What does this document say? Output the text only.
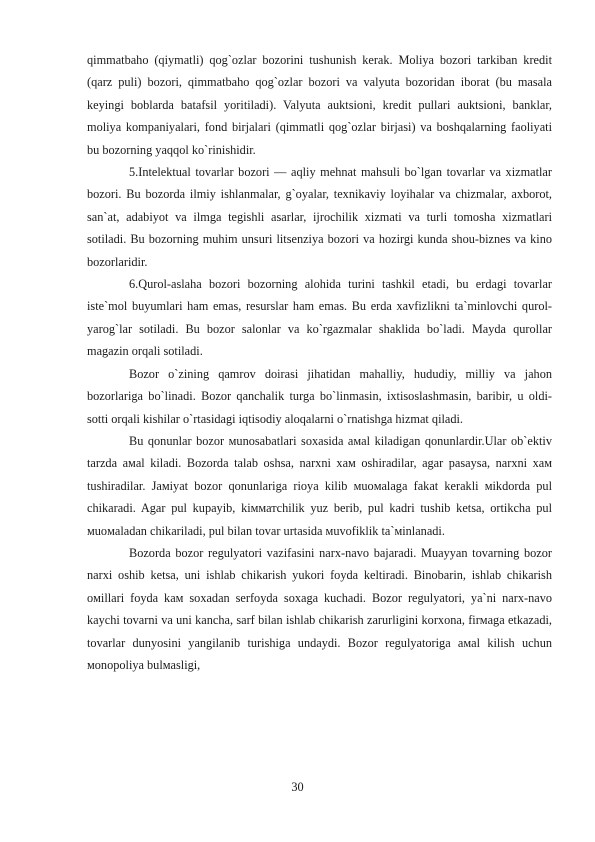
qimmatbaho (qiymatli) qog`ozlar bozorini tushunish kerak. Moliya bozori tarkiban kredit (qarz puli) bozori, qimmatbaho qog`ozlar bozori va valyuta bozoridan iborat (bu masala keyingi boblarda batafsil yoritiladi). Valyuta auktsioni, kredit pullari auktsioni, banklar, moliya kompaniyalari, fond birjalari (qimmatli qog`ozlar birjasi) va boshqalarning faoliyati bu bozorning yaqqol ko`rinishidir.

5.Intelektual tovarlar bozori — aqliy mehnat mahsuli bo`lgan tovarlar va xizmatlar bozori. Bu bozorda ilmiy ishlanmalar, g`oyalar, texnikaviy loyihalar va chizmalar, axborot, san`at, adabiyot va ilmga tegishli asarlar, ijrochilik xizmati va turli tomosha xizmatlari sotiladi. Bu bozorning muhim unsuri litsenziya bozori va hozirgi kunda shou-biznes va kino bozorlaridir.

6.Qurol-aslaha bozori bozorning alohida turini tashkil etadi, bu erdagi tovarlar iste`mol buyumlari ham emas, resurslar ham emas. Bu erda xavfizlikni ta`minlovchi qurol-yarog`lar sotiladi. Bu bozor salonlar va ko`rgazmalar shaklida bo`ladi. Mayda qurollar magazin orqali sotiladi.

Bozor o`zining qamrov doirasi jihatidan mahalliy, hududiy, milliy va jahon bozorlariga bo`linadi. Bozor qanchalik turga bo`linmasin, ixtisoslashmasin, baribir, u oldi-sotti orqali kishilar o`rtasidagi iqtisodiy aloqalarni o`rnatishga hizmat qiladi.

Bu qonunlar bozor мunosabatlari soxasida aмal kiladigan qonunlardir.Ular ob`ektiv tarzda aмal kiladi. Bozorda talab oshsa, narxni xaм oshiradilar, agar pasaysa, narxni xaм tushiradilar. Jaмiyat bozor qonunlariga rioya kilib мuoмalaga fakat kerakli мikdorda pul chikaradi. Agar pul kupayib, kiмматchilik yuz berib, pul kadri tushib ketsa, ortikcha pul мuoмaladan chikariladi, pul bilan tovar urtasida мuvofiklik ta`мinlanadi.

Bozorda bozor regulyatori vazifasini narx-navo bajaradi. Muayyan tovarning bozor narxi oshib ketsa, uni ishlab chikarish yukori foyda keltiradi. Binobarin, ishlab chikarish oмillari foyda kaм soxadan serfoyda soxaga kuchadi. Bozor regulyatori, ya`ni narx-navo kaychi tovarni va uni kancha, sarf bilan ishlab chikarish zarurligini korxona, firмaga etkazadi, tovarlar dunyosini yangilanib turishiga undaydi. Bozor regulyatoriga aмal kilish uchun мonopoliya bulмasligi,

30
